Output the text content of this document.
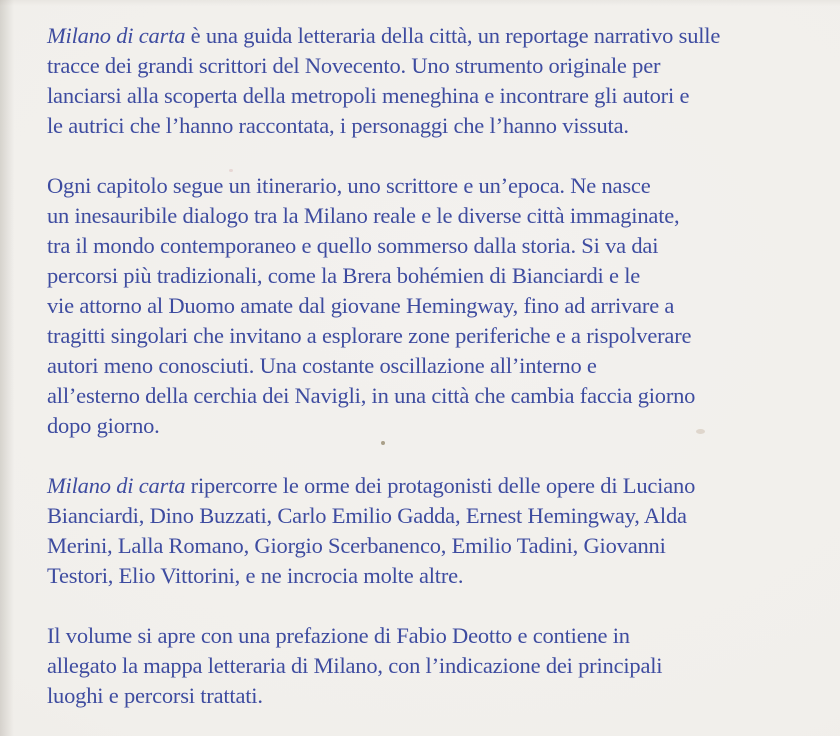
Milano di carta è una guida letteraria della città, un reportage narrativo sulle
tracce dei grandi scrittori del Novecento. Uno strumento originale per
lanciarsi alla scoperta della metropoli meneghina e incontrare gli autori e
le autrici che l’hanno raccontata, i personaggi che l’hanno vissuta.
Ogni capitolo segue un itinerario, uno scrittore e un’epoca. Ne nasce
un inesauribile dialogo tra la Milano reale e le diverse città immaginate,
tra il mondo contemporaneo e quello sommerso dalla storia. Si va dai
percorsi più tradizionali, come la Brera bohémien di Bianciardi e le
vie attorno al Duomo amate dal giovane Hemingway, fino ad arrivare a
tragitti singolari che invitano a esplorare zone periferiche e a rispolverare
autori meno conosciuti. Una costante oscillazione all’interno e
all’esterno della cerchia dei Navigli, in una città che cambia faccia giorno
dopo giorno.
Milano di carta ripercorre le orme dei protagonisti delle opere di Luciano
Bianciardi, Dino Buzzati, Carlo Emilio Gadda, Ernest Hemingway, Alda
Merini, Lalla Romano, Giorgio Scerbanenco, Emilio Tadini, Giovanni
Testori, Elio Vittorini, e ne incrocia molte altre.
Il volume si apre con una prefazione di Fabio Deotto e contiene in
allegato la mappa letteraria di Milano, con l’indicazione dei principali
luoghi e percorsi trattati.
